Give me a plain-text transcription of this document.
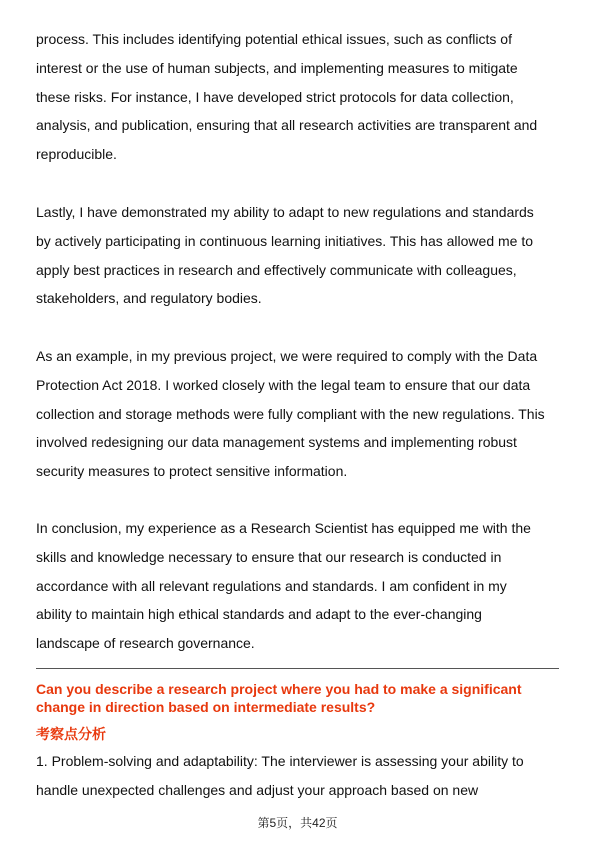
process. This includes identifying potential ethical issues, such as conflicts of
interest or the use of human subjects, and implementing measures to mitigate
these risks. For instance, I have developed strict protocols for data collection,
analysis, and publication, ensuring that all research activities are transparent and
reproducible.
Lastly, I have demonstrated my ability to adapt to new regulations and standards
by actively participating in continuous learning initiatives. This has allowed me to
apply best practices in research and effectively communicate with colleagues,
stakeholders, and regulatory bodies.
As an example, in my previous project, we were required to comply with the Data
Protection Act 2018. I worked closely with the legal team to ensure that our data
collection and storage methods were fully compliant with the new regulations. This
involved redesigning our data management systems and implementing robust
security measures to protect sensitive information.
In conclusion, my experience as a Research Scientist has equipped me with the
skills and knowledge necessary to ensure that our research is conducted in
accordance with all relevant regulations and standards. I am confident in my
ability to maintain high ethical standards and adapt to the ever-changing
landscape of research governance.
Can you describe a research project where you had to make a significant
change in direction based on intermediate results?
考察点分析
1. Problem-solving and adaptability: The interviewer is assessing your ability to
handle unexpected challenges and adjust your approach based on new
第5页，共42页
